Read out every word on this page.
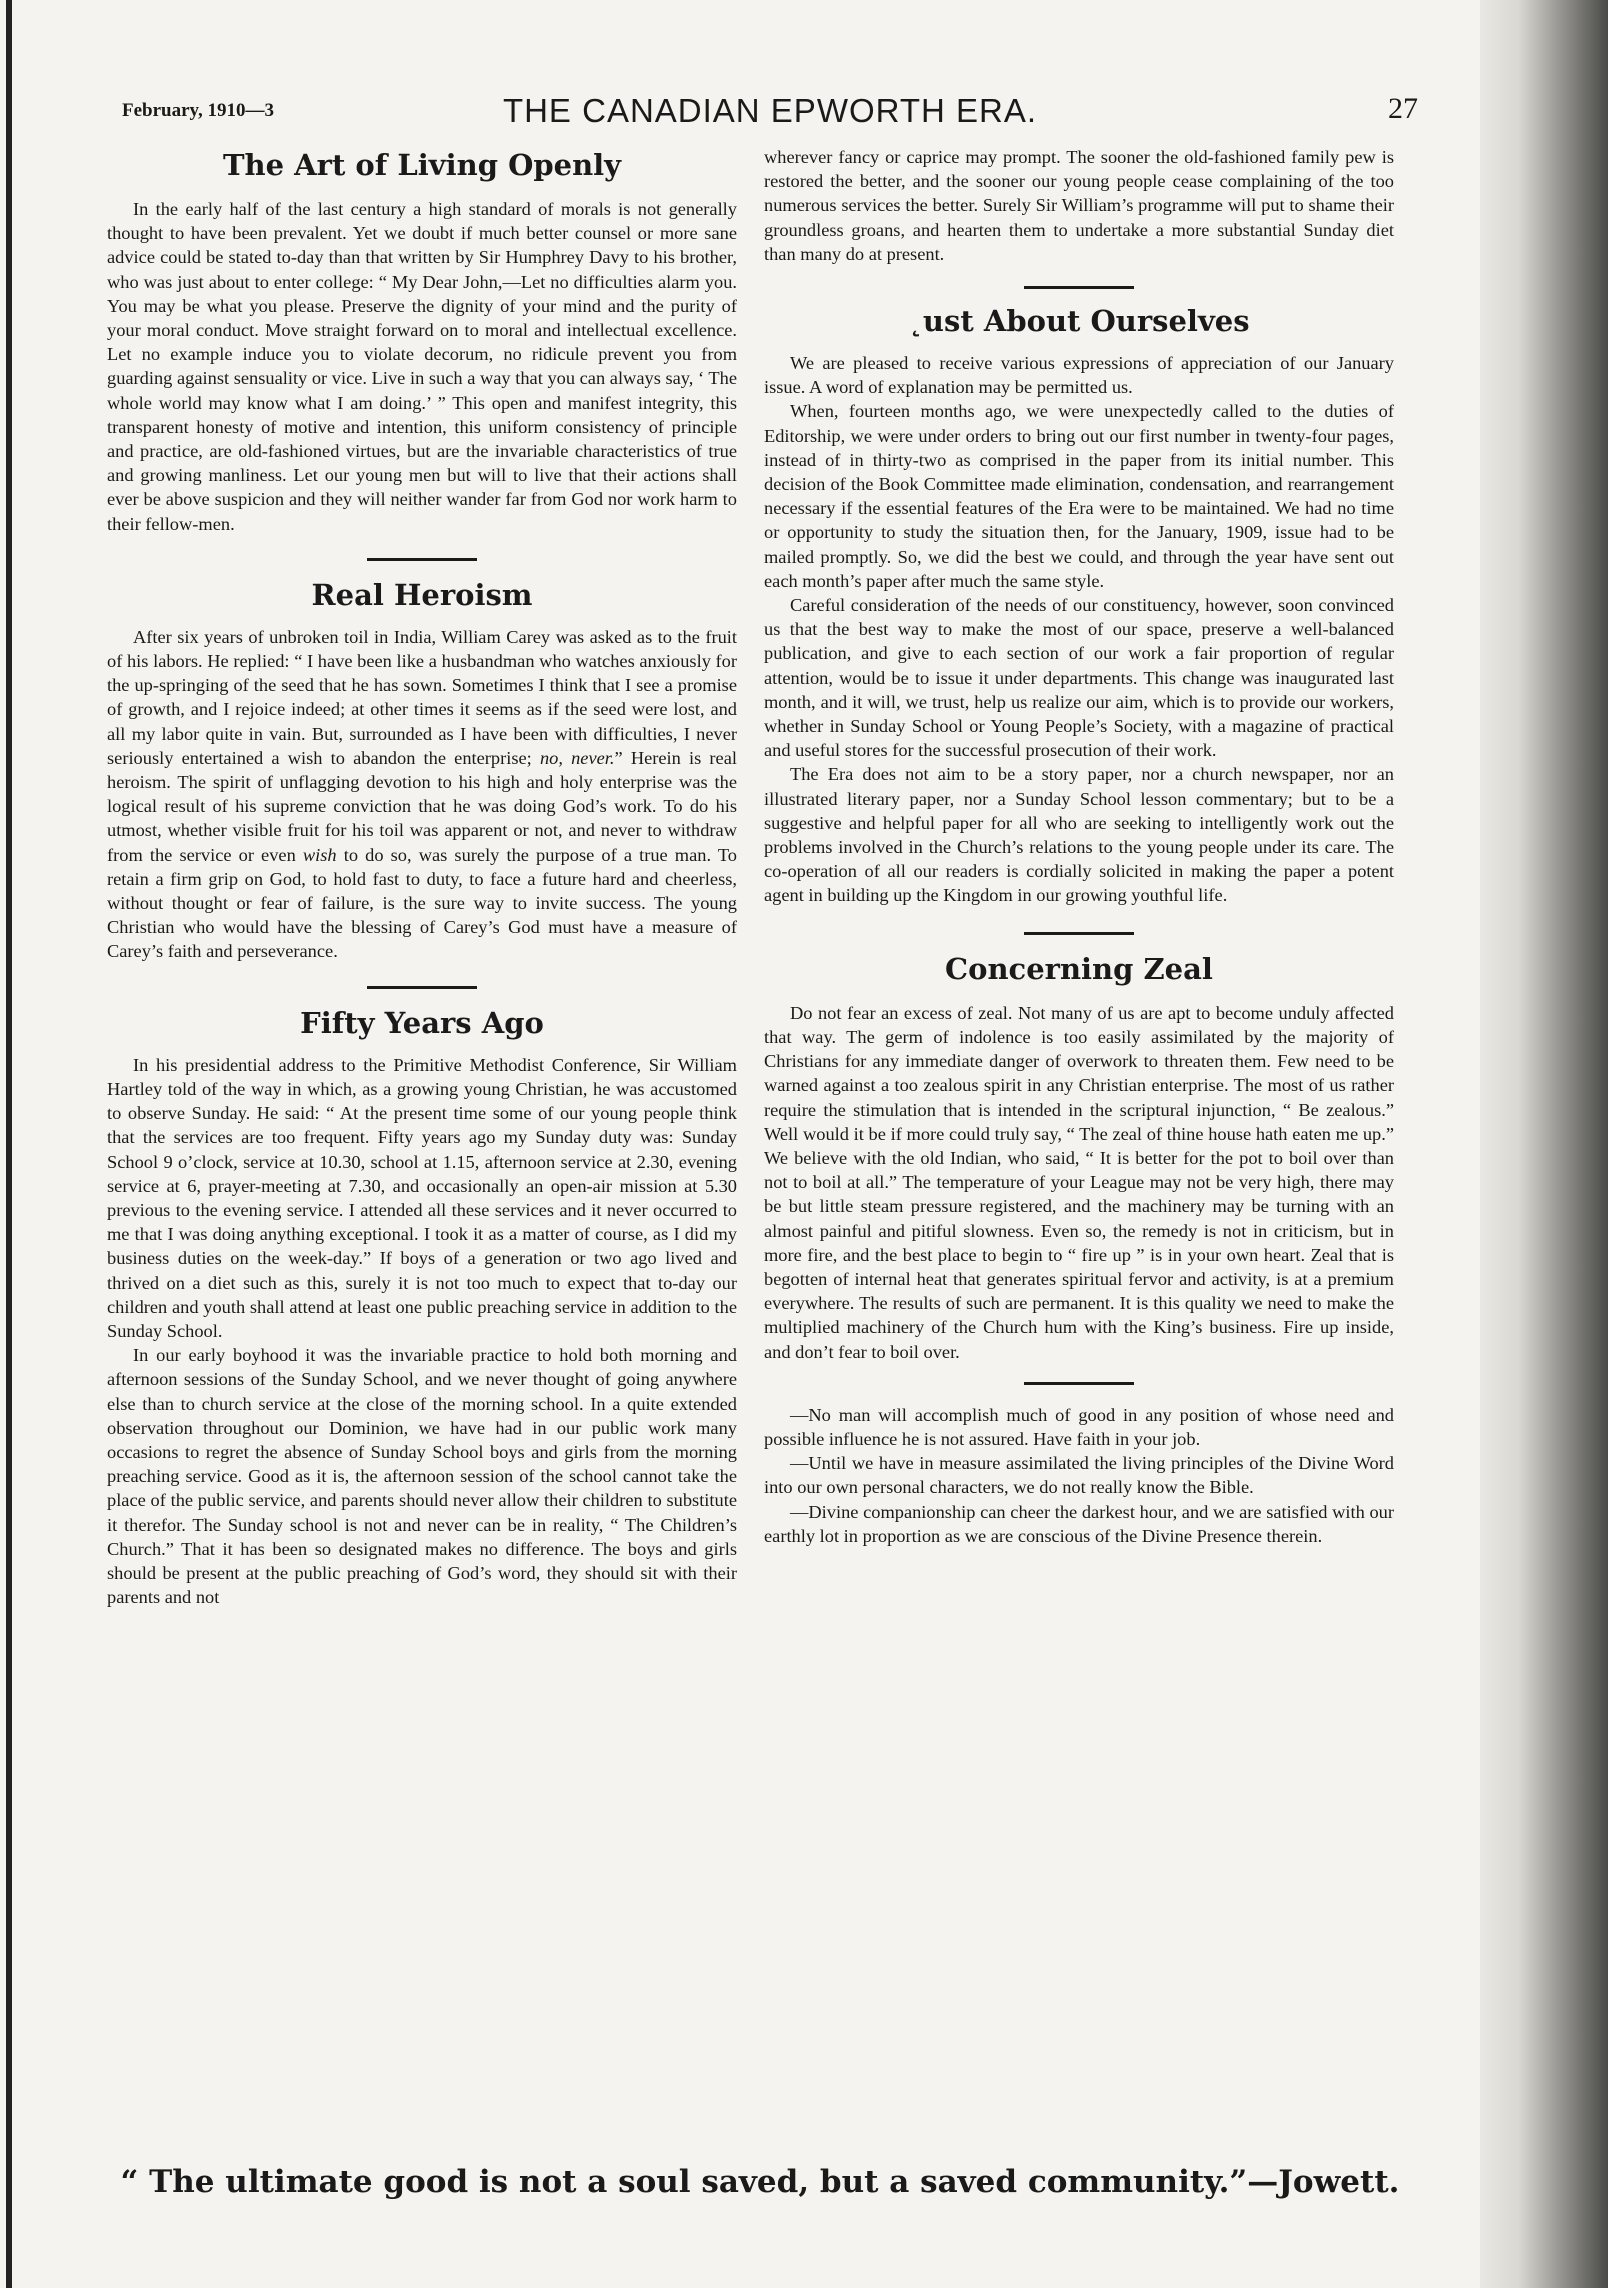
February, 1910—3	THE CANADIAN EPWORTH ERA.	27
The Art of Living Openly

In the early half of the last century a high standard of morals is not generally thought to have been prevalent. Yet we doubt if much better counsel or more sane advice could be stated to-day than that written by Sir Humphrey Davy to his brother, who was just about to enter college: “ My Dear John,—Let no difficulties alarm you. You may be what you please. Preserve the dignity of your mind and the purity of your moral conduct. Move straight forward on to moral and intellectual excellence. Let no example induce you to violate decorum, no ridicule prevent you from guarding against sensuality or vice. Live in such a way that you can always say, ‘ The whole world may know what I am doing.’ ” This open and manifest integrity, this transparent honesty of motive and intention, this uniform consistency of principle and practice, are old-fashioned virtues, but are the invariable characteristics of true and growing manliness. Let our young men but will to live that their actions shall ever be above suspicion and they will neither wander far from God nor work harm to their fellow-men.

Real Heroism

After six years of unbroken toil in India, William Carey was asked as to the fruit of his labors. He replied: “ I have been like a husbandman who watches anxiously for the up-springing of the seed that he has sown. Sometimes I think that I see a promise of growth, and I rejoice indeed; at other times it seems as if the seed were lost, and all my labor quite in vain. But, surrounded as I have been with difficulties, I never seriously entertained a wish to abandon the enterprise; no, never.” Herein is real heroism. The spirit of unflagging devotion to his high and holy enterprise was the logical result of his supreme conviction that he was doing God’s work. To do his utmost, whether visible fruit for his toil was apparent or not, and never to withdraw from the service or even wish to do so, was surely the purpose of a true man. To retain a firm grip on God, to hold fast to duty, to face a future hard and cheerless, without thought or fear of failure, is the sure way to invite success. The young Christian who would have the blessing of Carey’s God must have a measure of Carey’s faith and perseverance.

Fifty Years Ago

In his presidential address to the Primitive Methodist Conference, Sir William Hartley told of the way in which, as a growing young Christian, he was accustomed to observe Sunday. He said: “ At the present time some of our young people think that the services are too frequent. Fifty years ago my Sunday duty was: Sunday School 9 o’clock, service at 10.30, school at 1.15, afternoon service at 2.30, evening service at 6, prayer-meeting at 7.30, and occasionally an open-air mission at 5.30 previous to the evening service. I attended all these services and it never occurred to me that I was doing anything exceptional. I took it as a matter of course, as I did my business duties on the week-day.” If boys of a generation or two ago lived and thrived on a diet such as this, surely it is not too much to expect that to-day our children and youth shall attend at least one public preaching service in addition to the Sunday School.

In our early boyhood it was the invariable practice to hold both morning and afternoon sessions of the Sunday School, and we never thought of going anywhere else than to church service at the close of the morning school. In a quite extended observation throughout our Dominion, we have had in our public work many occasions to regret the absence of Sunday School boys and girls from the morning preaching service. Good as it is, the afternoon session of the school cannot take the place of the public service, and parents should never allow their children to substitute it therefor. The Sunday school is not and never can be in reality, “ The Children’s Church.” That it has been so designated makes no difference. The boys and girls should be present at the public preaching of God’s word, they should sit with their parents and not

wherever fancy or caprice may prompt. The sooner the old-fashioned family pew is restored the better, and the sooner our young people cease complaining of the too numerous services the better. Surely Sir William’s programme will put to shame their groundless groans, and hearten them to undertake a more substantial Sunday diet than many do at present.

˛ust About Ourselves

We are pleased to receive various expressions of appreciation of our January issue. A word of explanation may be permitted us.

When, fourteen months ago, we were unexpectedly called to the duties of Editorship, we were under orders to bring out our first number in twenty-four pages, instead of in thirty-two as comprised in the paper from its initial number. This decision of the Book Committee made elimination, condensation, and rearrangement necessary if the essential features of the Era were to be maintained. We had no time or opportunity to study the situation then, for the January, 1909, issue had to be mailed promptly. So, we did the best we could, and through the year have sent out each month’s paper after much the same style.

Careful consideration of the needs of our constituency, however, soon convinced us that the best way to make the most of our space, preserve a well-balanced publication, and give to each section of our work a fair proportion of regular attention, would be to issue it under departments. This change was inaugurated last month, and it will, we trust, help us realize our aim, which is to provide our workers, whether in Sunday School or Young People’s Society, with a magazine of practical and useful stores for the successful prosecution of their work.

The Era does not aim to be a story paper, nor a church newspaper, nor an illustrated literary paper, nor a Sunday School lesson commentary; but to be a suggestive and helpful paper for all who are seeking to intelligently work out the problems involved in the Church’s relations to the young people under its care. The co-operation of all our readers is cordially solicited in making the paper a potent agent in building up the Kingdom in our growing youthful life.

Concerning Zeal

Do not fear an excess of zeal. Not many of us are apt to become unduly affected that way. The germ of indolence is too easily assimilated by the majority of Christians for any immediate danger of overwork to threaten them. Few need to be warned against a too zealous spirit in any Christian enterprise. The most of us rather require the stimulation that is intended in the scriptural injunction, “ Be zealous.” Well would it be if more could truly say, “ The zeal of thine house hath eaten me up.” We believe with the old Indian, who said, “ It is better for the pot to boil over than not to boil at all.” The temperature of your League may not be very high, there may be but little steam pressure registered, and the machinery may be turning with an almost painful and pitiful slowness. Even so, the remedy is not in criticism, but in more fire, and the best place to begin to “ fire up ” is in your own heart. Zeal that is begotten of internal heat that generates spiritual fervor and activity, is at a premium everywhere. The results of such are permanent. It is this quality we need to make the multiplied machinery of the Church hum with the King’s business. Fire up inside, and don’t fear to boil over.

—No man will accomplish much of good in any position of whose need and possible influence he is not assured. Have faith in your job.

—Until we have in measure assimilated the living principles of the Divine Word into our own personal characters, we do not really know the Bible.

—Divine companionship can cheer the darkest hour, and we are satisfied with our earthly lot in proportion as we are conscious of the Divine Presence therein.

“ The ultimate good is not a soul saved, but a saved community.”—Jowett.
